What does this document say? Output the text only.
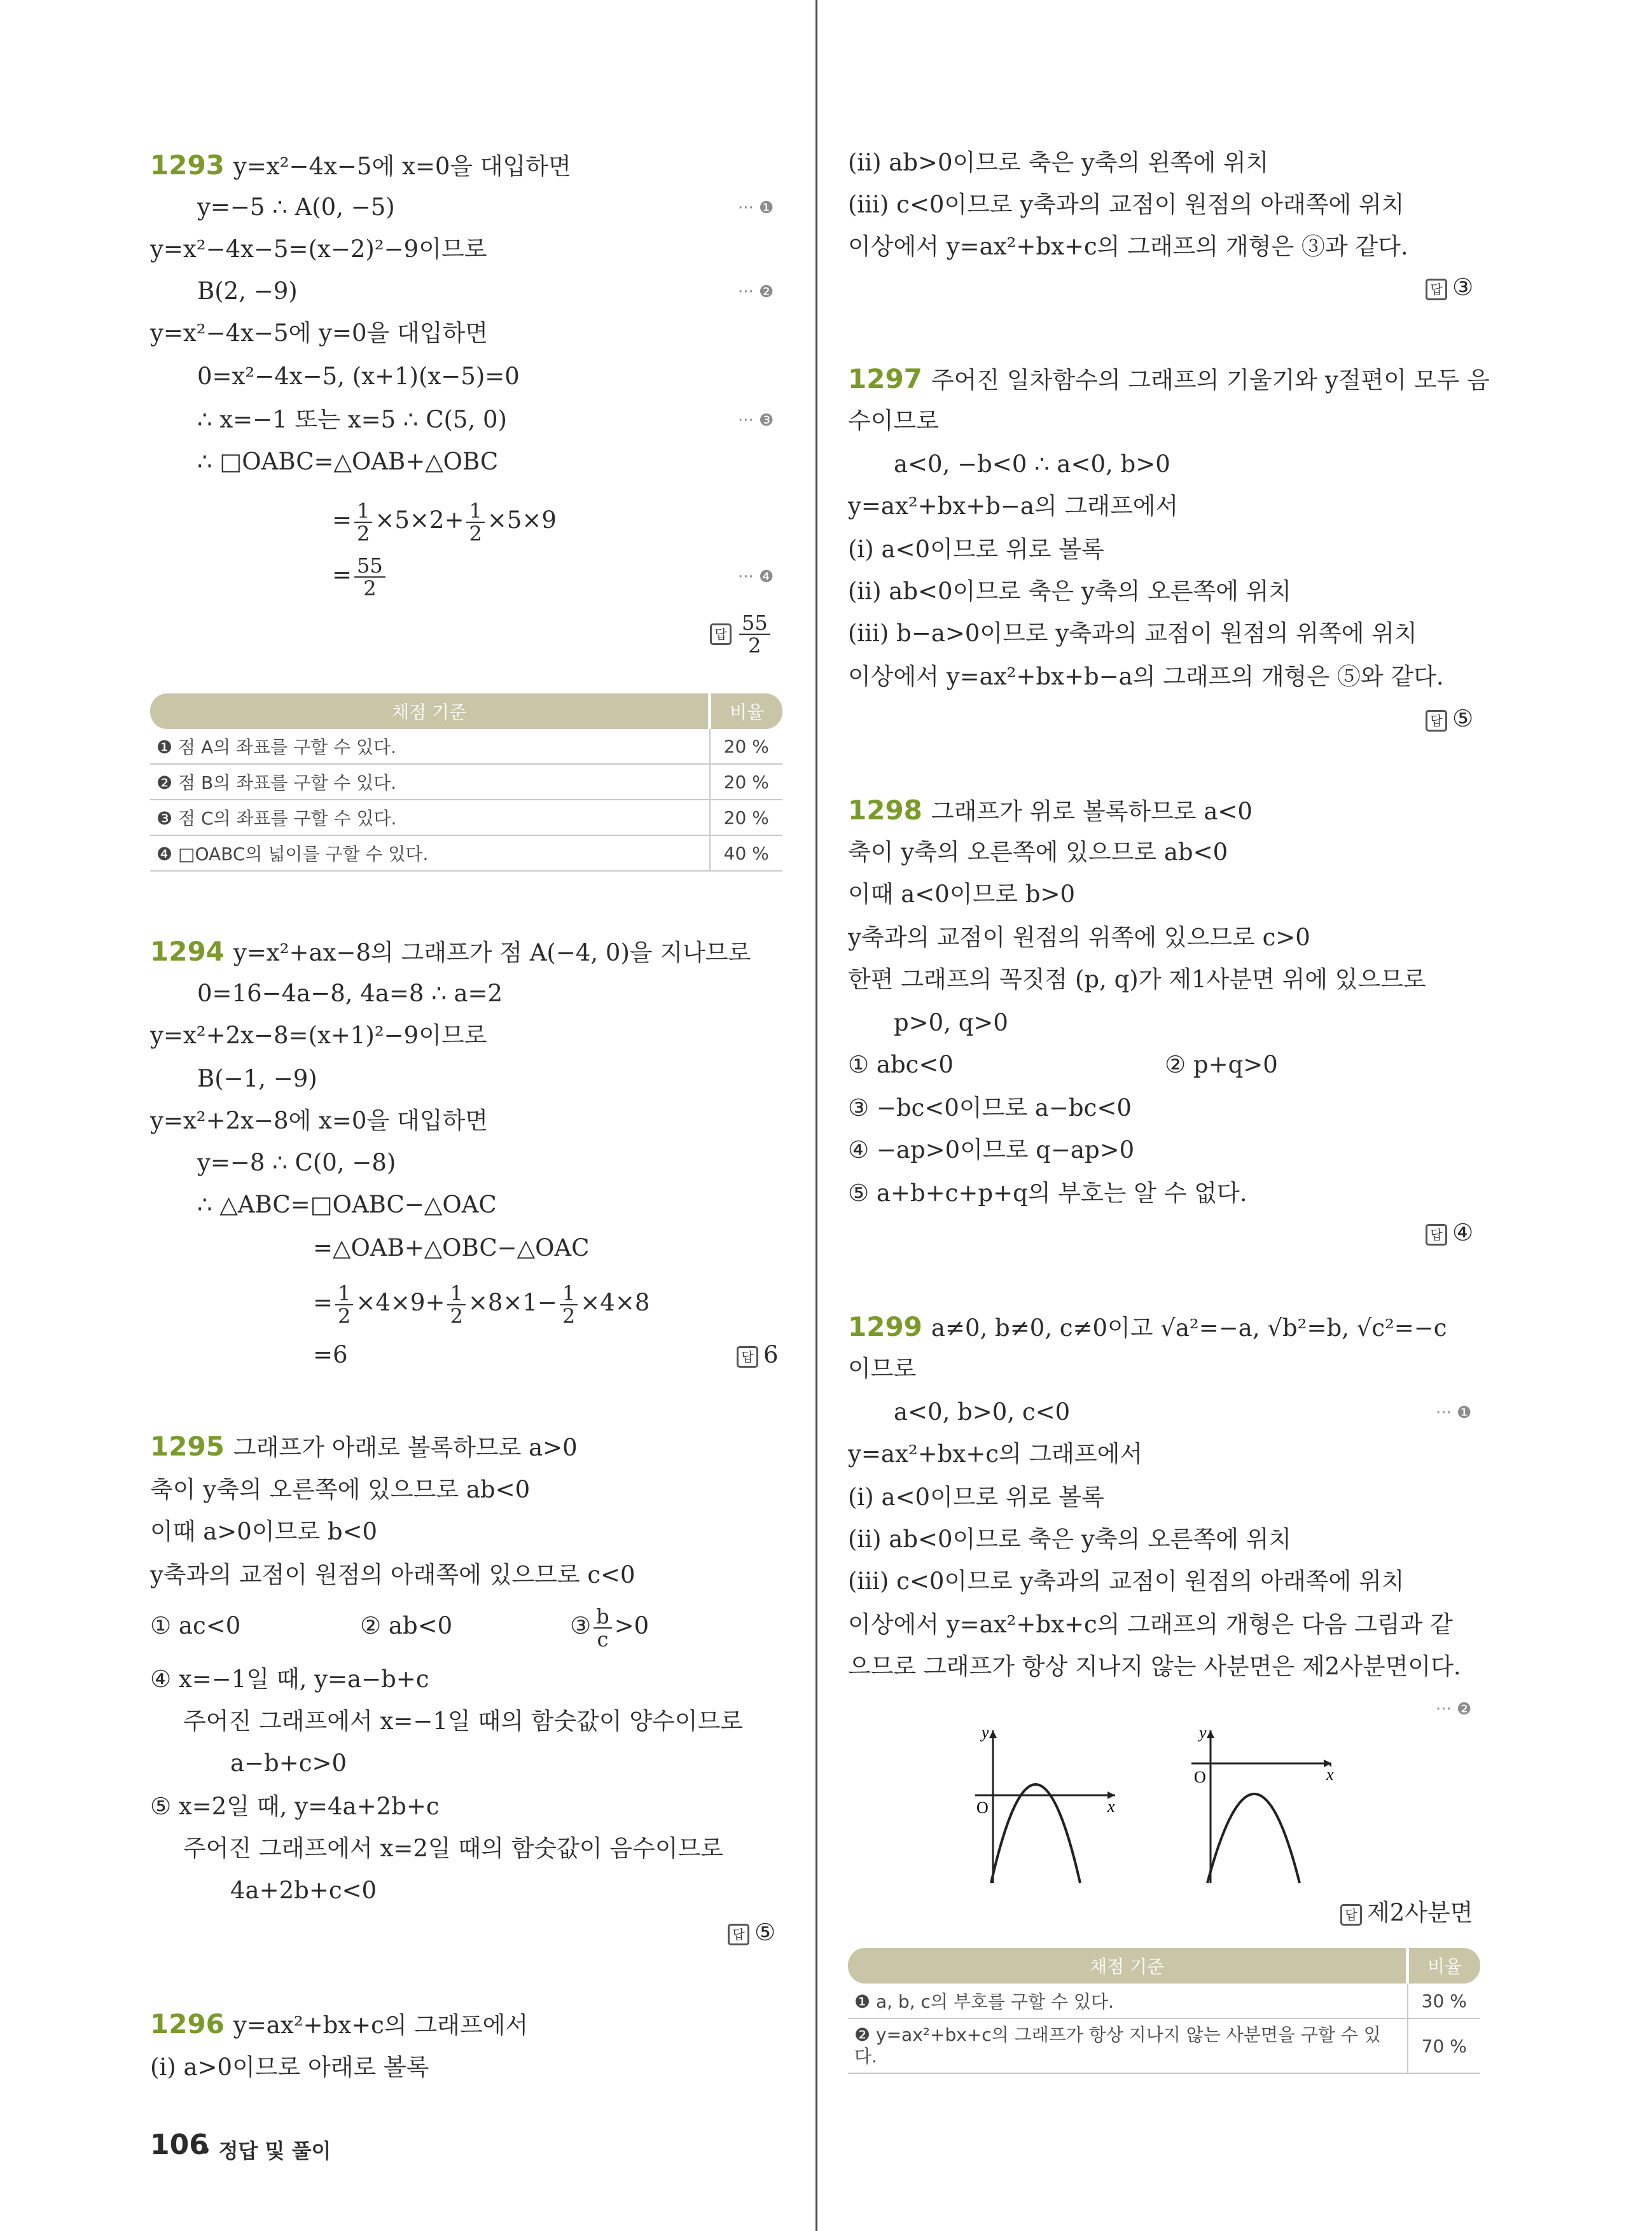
1293 y=x²−4x−5에 x=0을 대입하면
y=−5 ∴ A(0, −5)	··· ❶
y=x²−4x−5=(x−2)²−9이므로
B(2, −9)	··· ❷
y=x²−4x−5에 y=0을 대입하면
0=x²−4x−5, (x+1)(x−5)=0
∴ x=−1 또는 x=5 ∴ C(5, 0)	··· ❸
∴ □OABC=△OAB+△OBC
= $\frac{1}{2} \times 5\times 2+ \frac{1}{2} \times 5\times 9$
= $\frac{55}{2}$	··· ❹
답 $\frac{55}{2}$
채점 기준	비율
❶ 점 A의 좌표를 구할 수 있다.	20 %
❷ 점 B의 좌표를 구할 수 있다.	20 %
❸ 점 C의 좌표를 구할 수 있다.	20 %
❹ □OABC의 넓이를 구할 수 있다.	40 %
1294 y=x²+ax−8의 그래프가 점 A(−4, 0)을 지나므로
0=16−4a−8, 4a=8 ∴ a=2
y=x²+2x−8=(x+1)²−9이므로
B(−1, −9)
y=x²+2x−8에 x=0을 대입하면
y=−8 ∴ C(0, −8)
∴ △ABC=□OABC−△OAC
=△OAB+△OBC−△OAC
= $\frac{1}{2} \times 4\times 9+ \frac{1}{2} \times 8\times 1- \frac{1}{2} \times 4\times 8$
=6	답 6
1295 그래프가 아래로 볼록하므로 a>0
축이 y축의 오른쪽에 있으므로 ab<0
이때 a>0이므로 b<0
y축과의 교점이 원점의 아래쪽에 있으므로 c<0
① ac<0	② ab<0	③ $\frac{b}{c} >0$
④ x=−1일 때, y=a−b+c
주어진 그래프에서 x=−1일 때의 함숫값이 양수이므로
a−b+c>0
⑤ x=2일 때, y=4a+2b+c
주어진 그래프에서 x=2일 때의 함숫값이 음수이므로
4a+2b+c<0
답 ⑤
1296 y=ax²+bx+c의 그래프에서
(ⅰ) a>0이므로 아래로 볼록
106
• 정답 및 풀이
(ⅱ) ab>0이므로 축은 y축의 왼쪽에 위치
(ⅲ) c<0이므로 y축과의 교점이 원점의 아래쪽에 위치
이상에서 y=ax²+bx+c의 그래프의 개형은 ③과 같다.
답 ③
1297 주어진 일차함수의 그래프의 기울기와 y절편이 모두 음
수이므로
a<0, −b<0 ∴ a<0, b>0
y=ax²+bx+b−a의 그래프에서
(ⅰ) a<0이므로 위로 볼록
(ⅱ) ab<0이므로 축은 y축의 오른쪽에 위치
(ⅲ) b−a>0이므로 y축과의 교점이 원점의 위쪽에 위치
이상에서 y=ax²+bx+b−a의 그래프의 개형은 ⑤와 같다.
답 ⑤
1298 그래프가 위로 볼록하므로 a<0
축이 y축의 오른쪽에 있으므로 ab<0
이때 a<0이므로 b>0
y축과의 교점이 원점의 위쪽에 있으므로 c>0
한편 그래프의 꼭짓점 (p, q)가 제1사분면 위에 있으므로
p>0, q>0
① abc<0	② p+q>0
③ −bc<0이므로 a−bc<0
④ −ap>0이므로 q−ap>0
⑤ a+b+c+p+q의 부호는 알 수 없다.
답 ④
1299 a≠0, b≠0, c≠0이고 √a²=−a, √b²=b, √c²=−c
이므로
a<0, b>0, c<0	··· ❶
y=ax²+bx+c의 그래프에서
(ⅰ) a<0이므로 위로 볼록
(ⅱ) ab<0이므로 축은 y축의 오른쪽에 위치
(ⅲ) c<0이므로 y축과의 교점이 원점의 아래쪽에 위치
이상에서 y=ax²+bx+c의 그래프의 개형은 다음 그림과 같
으므로 그래프가 항상 지나지 않는 사분면은 제2사분면이다.
··· ❷
y
x
O
y
x
O
답 제2사분면
채점 기준	비율
❶ a, b, c의 부호를 구할 수 있다.	30 %
❷ y=ax²+bx+c의 그래프가 항상 지나지 않는 사분면을 구할 수 있다.	70 %
